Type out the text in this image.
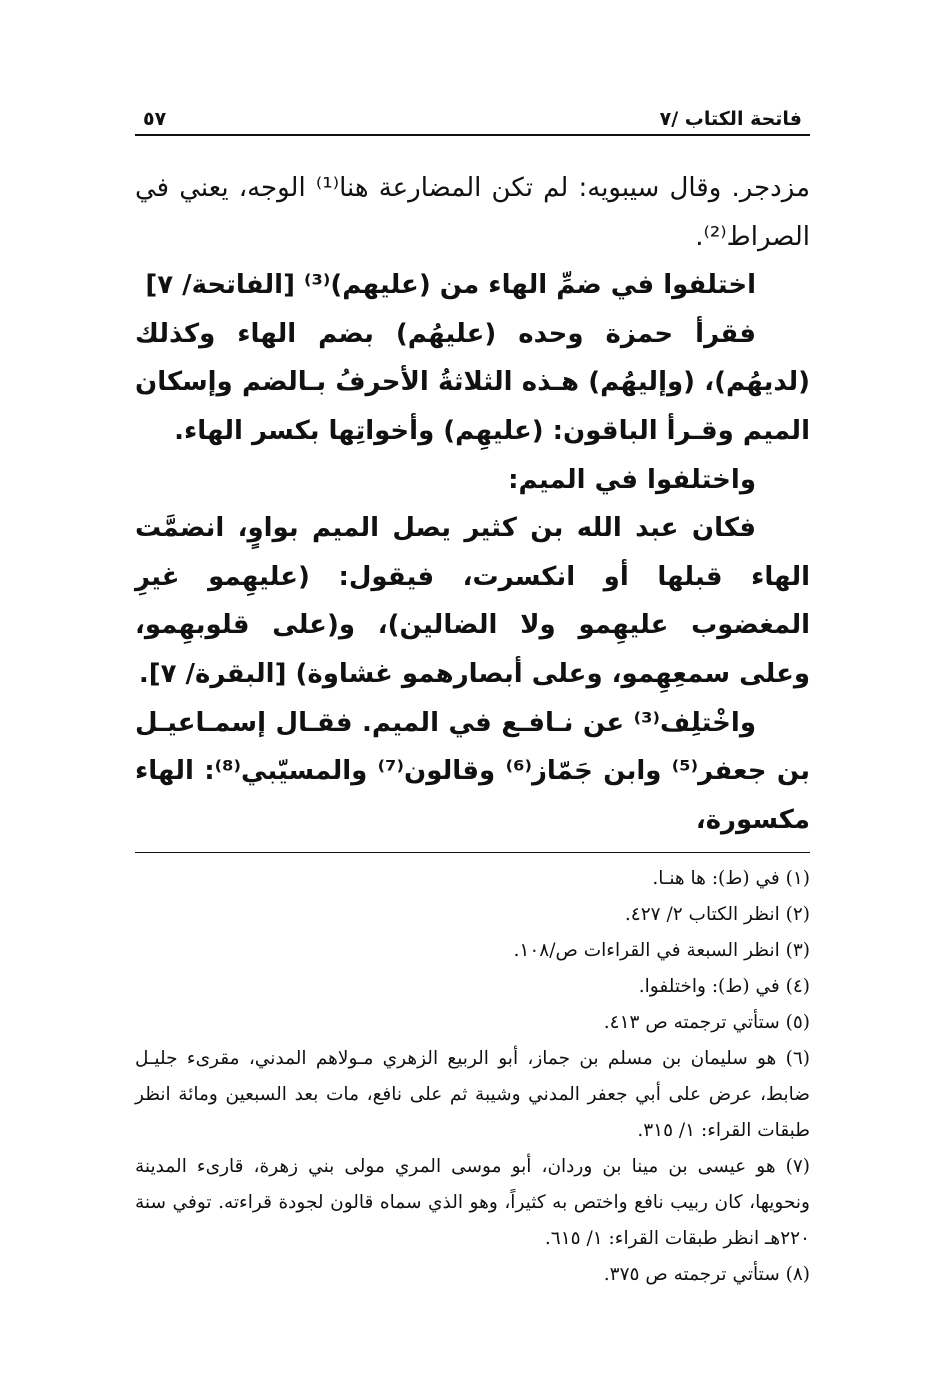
فاتحة الكتاب /٧
٥٧

مزدجر. وقال سيبويه: لم تكن المضارعة هنا⁽¹⁾ الوجه، يعني في الصراط⁽²⁾.

اختلفوا في ضمِّ الهاء من (عليهم)⁽³⁾ [الفاتحة/ ٧]

فقرأ حمزة وحده (عليهُم) بضم الهاء وكذلك (لديهُم)، (وإليهُم) هـذه الثلاثةُ الأحرفُ بـالضم وإسكان الميم وقـرأ الباقون: (عليهِم) وأخواتِها بكسر الهاء.

واختلفوا في الميم:

فكان عبد الله بن كثير يصل الميم بواوٍ، انضمَّت الهاء قبلها أو انكسرت، فيقول: (عليهِمو غيرِ المغضوب عليهِمو ولا الضالين)، و(على قلوبهِمو، وعلى سمعِهِمو، وعلى أبصارهمو غشاوة) [البقرة/ ٧].

واخْتلِف⁽³⁾ عن نـافـع في الميم. فقـال إسمـاعيـل بن جعفر⁽⁵⁾ وابن جَمّاز⁽⁶⁾ وقالون⁽⁷⁾ والمسيّبي⁽⁸⁾: الهاء مكسورة،

(١) في (ط): ها هنـا.

(٢) انظر الكتاب ٢/ ٤٢٧.

(٣) انظر السبعة في القراءات ص/١٠٨.

(٤) في (ط): واختلفوا.

(٥) ستأتي ترجمته ص ٤١٣.

(٦) هو سليمان بن مسلم بن جماز، أبو الربيع الزهري مـولاهم المدني، مقرىء جليـل ضابط، عرض على أبي جعفر المدني وشيبة ثم على نافع، مات بعد السبعين ومائة انظر طبقات القراء: ١/ ٣١٥.

(٧) هو عيسى بن مينا بن وردان، أبو موسى المري مولى بني زهرة، قارىء المدينة ونحويها، كان ربيب نافع واختص به كثيراً، وهو الذي سماه قالون لجودة قراءته. توفي سنة ٢٢٠هـ انظر طبقات القراء: ١/ ٦١٥.

(٨) ستأتي ترجمته ص ٣٧٥.
